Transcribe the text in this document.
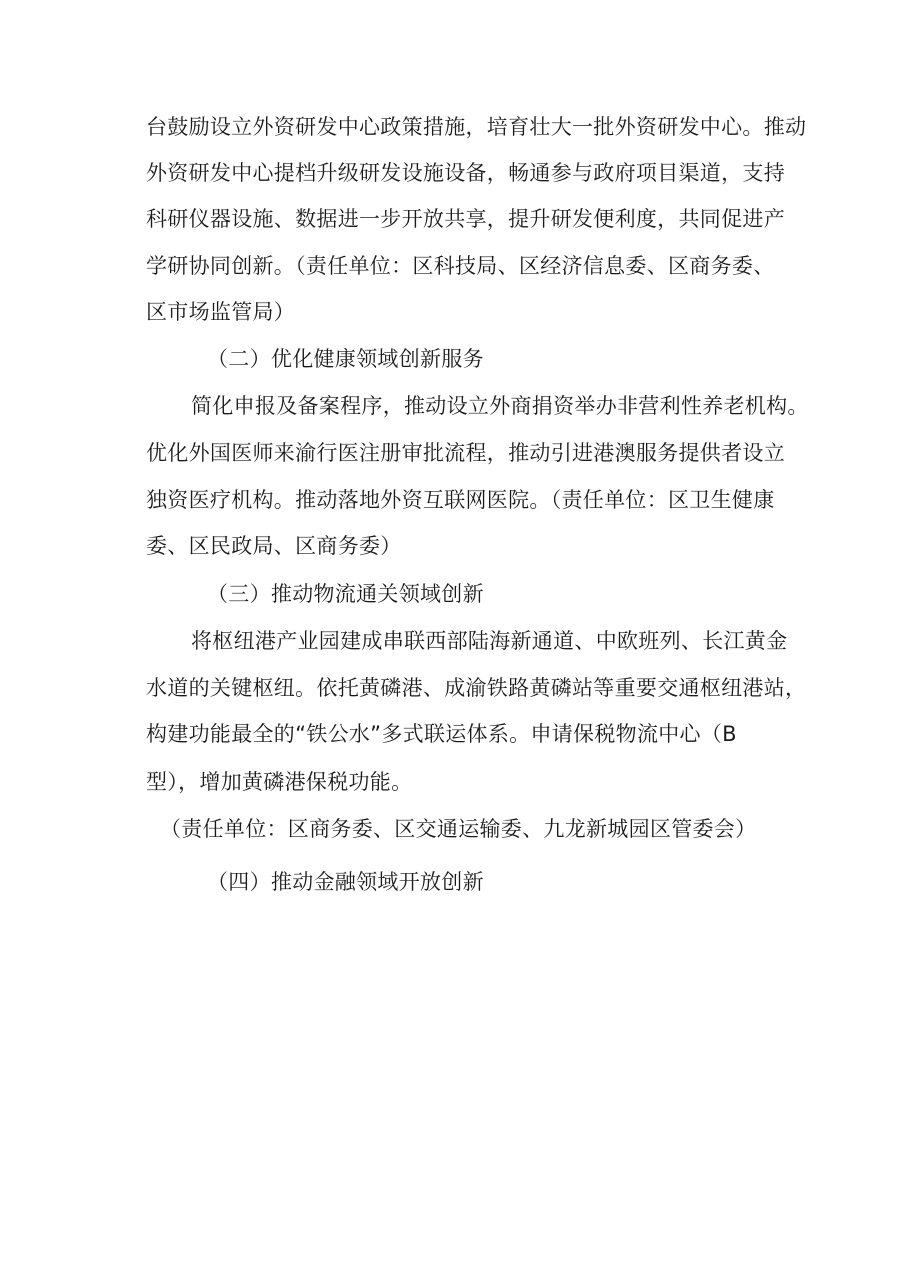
台鼓励设立外资研发中心政策措施，培育壮大一批外资研发中心。推动
外资研发中心提档升级研发设施设备，畅通参与政府项目渠道，支持
科研仪器设施、数据进一步开放共享，提升研发便利度，共同促进产
学研协同创新。（责任单位：区科技局、区经济信息委、区商务委、
区市场监管局）
（二）优化健康领域创新服务
简化申报及备案程序，推动设立外商捐资举办非营利性养老机构。
优化外国医师来渝行医注册审批流程，推动引进港澳服务提供者设立
独资医疗机构。推动落地外资互联网医院。（责任单位：区卫生健康
委、区民政局、区商务委）
（三）推动物流通关领域创新
将枢纽港产业园建成串联西部陆海新通道、中欧班列、长江黄金
水道的关键枢纽。依托黄磷港、成渝铁路黄磷站等重要交通枢纽港站，
构建功能最全的“铁公水”多式联运体系。申请保税物流中心（B
型），增加黄磷港保税功能。
（责任单位：区商务委、区交通运输委、九龙新城园区管委会）
（四）推动金融领域开放创新
